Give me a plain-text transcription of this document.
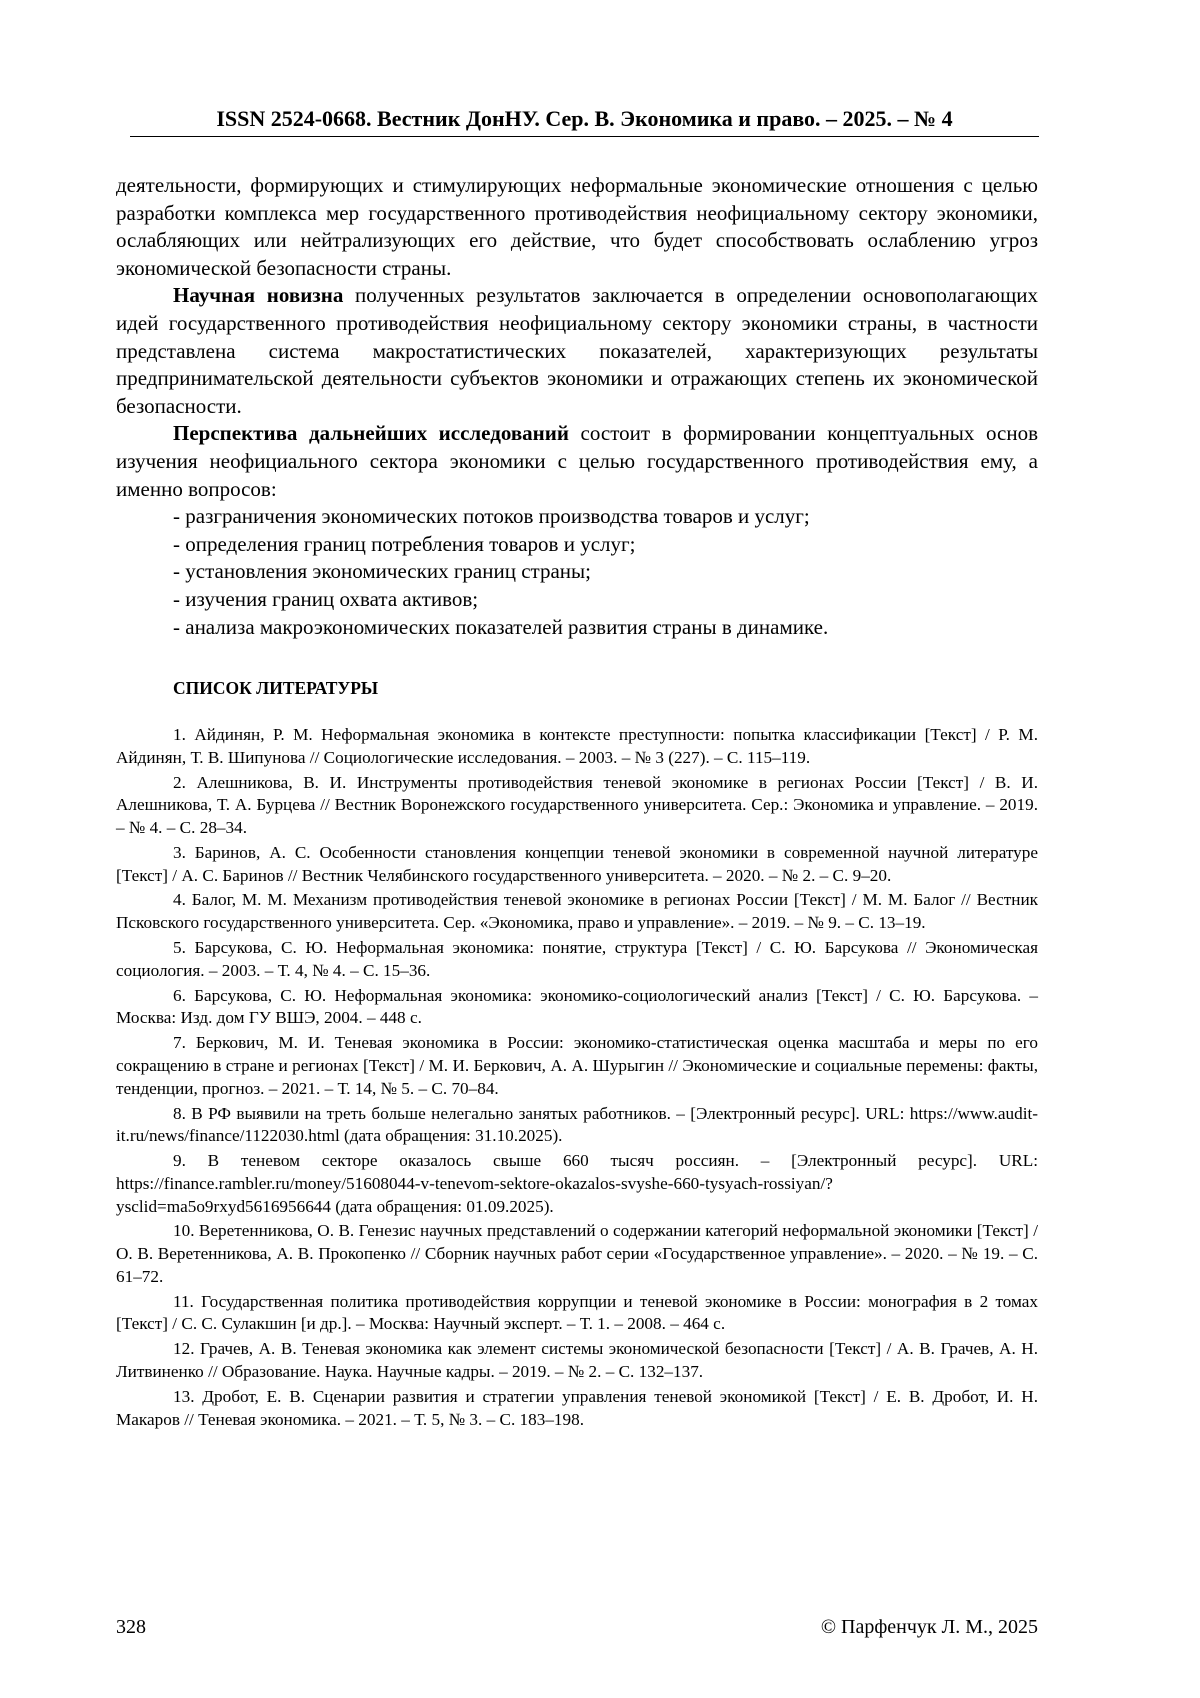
ISSN 2524-0668. Вестник ДонНУ. Сер. В. Экономика и право. – 2025. – № 4

деятельности, формирующих и стимулирующих неформальные экономические отношения с целью разработки комплекса мер государственного противодействия неофициальному сектору экономики, ослабляющих или нейтрализующих его действие, что будет способствовать ослаблению угроз экономической безопасности страны.

Научная новизна полученных результатов заключается в определении основополагающих идей государственного противодействия неофициальному сектору экономики страны, в частности представлена система макростатистических показателей, характеризующих результаты предпринимательской деятельности субъектов экономики и отражающих степень их экономической безопасности.

Перспектива дальнейших исследований состоит в формировании концептуальных основ изучения неофициального сектора экономики с целью государственного противодействия ему, а именно вопросов:

- разграничения экономических потоков производства товаров и услуг;
- определения границ потребления товаров и услуг;
- установления экономических границ страны;
- изучения границ охвата активов;
- анализа макроэкономических показателей развития страны в динамике.
СПИСОК ЛИТЕРАТУРЫ

1. Айдинян, Р. М. Неформальная экономика в контексте преступности: попытка классификации [Текст] / Р. М. Айдинян, Т. В. Шипунова // Социологические исследования. – 2003. – № 3 (227). – С. 115–119.

2. Алешникова, В. И. Инструменты противодействия теневой экономике в регионах России [Текст] / В. И. Алешникова, Т. А. Бурцева // Вестник Воронежского государственного университета. Сер.: Экономика и управление. – 2019. – № 4. – С. 28–34.

3. Баринов, А. С. Особенности становления концепции теневой экономики в современной научной литературе [Текст] / А. С. Баринов // Вестник Челябинского государственного университета. – 2020. – № 2. – С. 9–20.

4. Балог, М. М. Механизм противодействия теневой экономике в регионах России [Текст] / М. М. Балог // Вестник Псковского государственного университета. Сер. «Экономика, право и управление». – 2019. – № 9. – С. 13–19.

5. Барсукова, С. Ю. Неформальная экономика: понятие, структура [Текст] / С. Ю. Барсукова // Экономическая социология. – 2003. – Т. 4, № 4. – С. 15–36.

6. Барсукова, С. Ю. Неформальная экономика: экономико-социологический анализ [Текст] / С. Ю. Барсукова. – Москва: Изд. дом ГУ ВШЭ, 2004. – 448 с.

7. Беркович, М. И. Теневая экономика в России: экономико-статистическая оценка масштаба и меры по его сокращению в стране и регионах [Текст] / М. И. Беркович, А. А. Шурыгин // Экономические и социальные перемены: факты, тенденции, прогноз. – 2021. – Т. 14, № 5. – С. 70–84.

8. В РФ выявили на треть больше нелегально занятых работников. – [Электронный ресурс]. URL: https://www.audit-it.ru/news/finance/1122030.html (дата обращения: 31.10.2025).

9. В теневом секторе оказалось свыше 660 тысяч россиян. – [Электронный ресурс]. URL: https://finance.rambler.ru/money/51608044-v-tenevom-sektore-okazalos-svyshe-660-tysyach-rossiyan/?ysclid=ma5o9rxyd5616956644 (дата обращения: 01.09.2025).

10. Веретенникова, О. В. Генезис научных представлений о содержании категорий неформальной экономики [Текст] / О. В. Веретенникова, А. В. Прокопенко // Сборник научных работ серии «Государственное управление». – 2020. – № 19. – С. 61–72.

11. Государственная политика противодействия коррупции и теневой экономике в России: монография в 2 томах [Текст] / С. С. Сулакшин [и др.]. – Москва: Научный эксперт. – Т. 1. – 2008. – 464 с.

12. Грачев, А. В. Теневая экономика как элемент системы экономической безопасности [Текст] / А. В. Грачев, А. Н. Литвиненко // Образование. Наука. Научные кадры. – 2019. – № 2. – С. 132–137.

13. Дробот, Е. В. Сценарии развития и стратегии управления теневой экономикой [Текст] / Е. В. Дробот, И. Н. Макаров // Теневая экономика. – 2021. – Т. 5, № 3. – С. 183–198.

328	© Парфенчук Л. М., 2025
